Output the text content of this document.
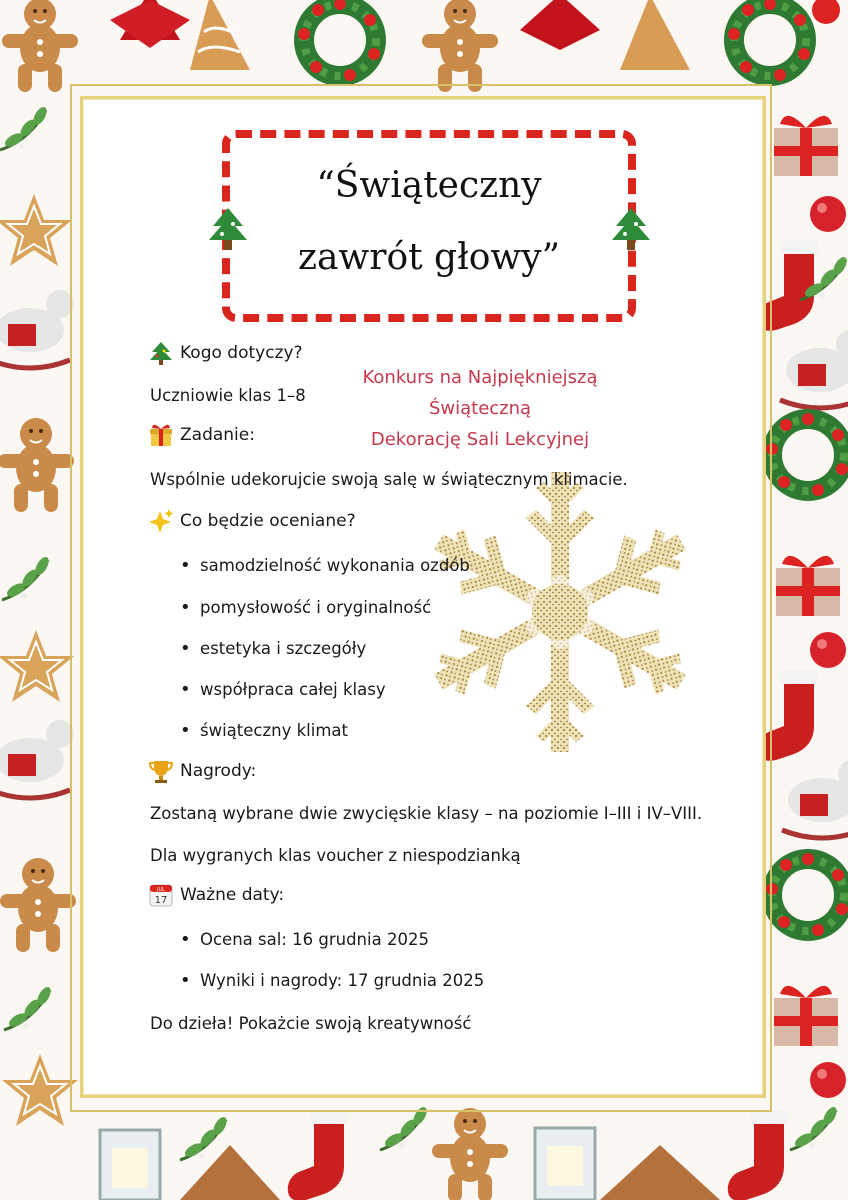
“Świąteczny
zawrót głowy”
Konkurs na Najpiękniejszą Świąteczną
Dekorację Sali Lekcyjnej
Kogo dotyczy?
Uczniowie klas 1–8
Zadanie:
Wspólnie udekorujcie swoją salę w świątecznym klimacie.
Co będzie oceniane?
• samodzielność wykonania ozdób
• pomysłowość i oryginalność
• estetyka i szczegóły
• współpraca całej klasy
• świąteczny klimat
Nagrody:
Zostaną wybrane dwie zwycięskie klasy – na poziomie I–III i IV–VIII.
Dla wygranych klas voucher z niespodzianką
JUL
17 Ważne daty:
• Ocena sal: 16 grudnia 2025
• Wyniki i nagrody: 17 grudnia 2025
Do dzieła! Pokażcie swoją kreatywność
